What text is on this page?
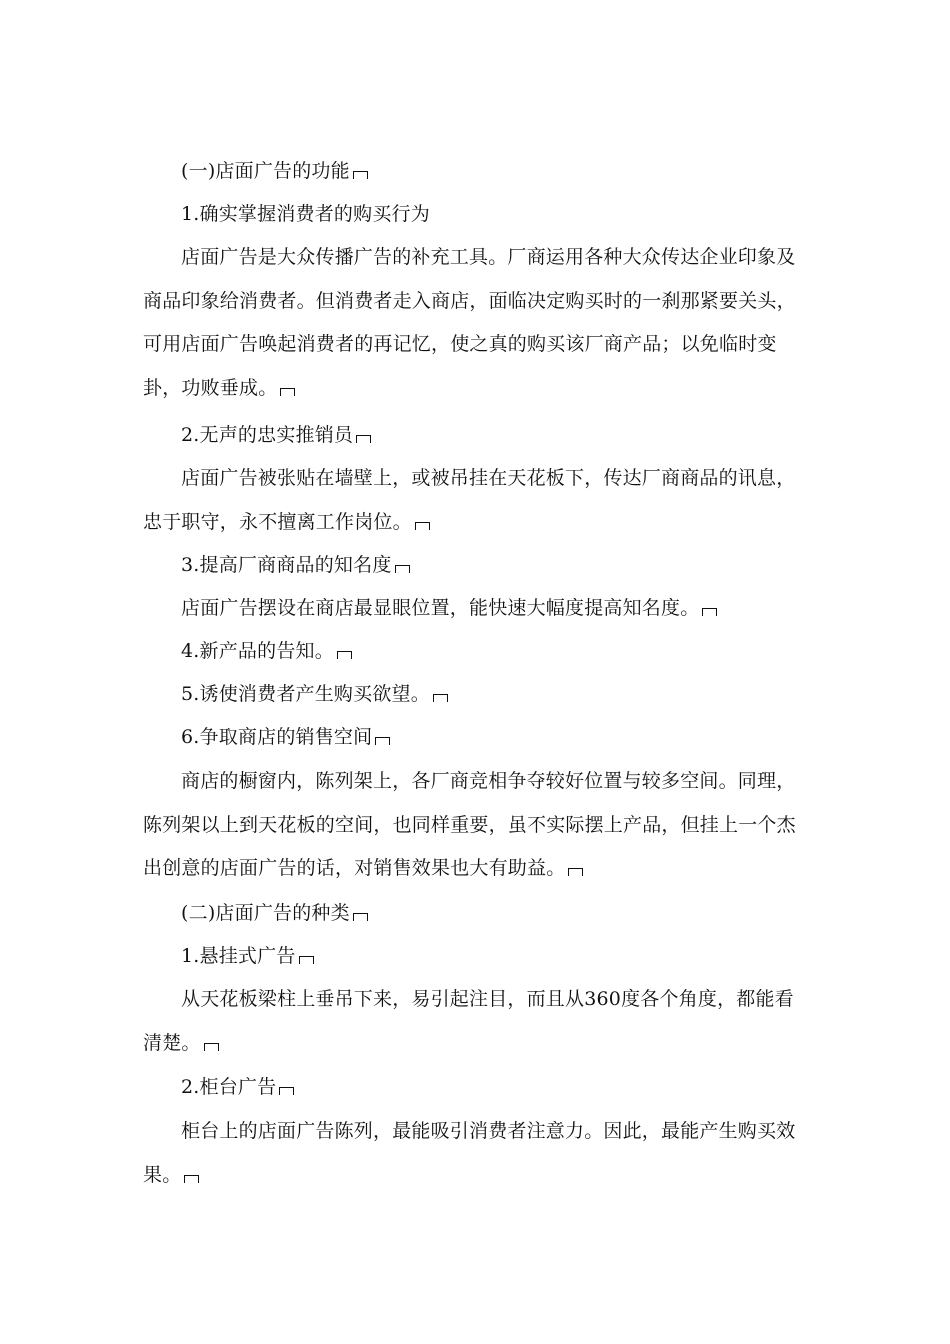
(一)店面广告的功能

1.确实掌握消费者的购买行为

店面广告是大众传播广告的补充工具。厂商运用各种大众传达企业印象及商品印象给消费者。但消费者走入商店，面临决定购买时的一刹那紧要关头，可用店面广告唤起消费者的再记忆，使之真的购买该厂商产品；以免临时变卦，功败垂成。

2.无声的忠实推销员

店面广告被张贴在墙壁上，或被吊挂在天花板下，传达厂商商品的讯息，忠于职守，永不擅离工作岗位。

3.提高厂商商品的知名度

店面广告摆设在商店最显眼位置，能快速大幅度提高知名度。

4.新产品的告知。

5.诱使消费者产生购买欲望。

6.争取商店的销售空间

商店的橱窗内，陈列架上，各厂商竞相争夺较好位置与较多空间。同理，陈列架以上到天花板的空间，也同样重要，虽不实际摆上产品，但挂上一个杰出创意的店面广告的话，对销售效果也大有助益。

(二)店面广告的种类

1.悬挂式广告

从天花板梁柱上垂吊下来，易引起注目，而且从360度各个角度，都能看清楚。

2.柜台广告

柜台上的店面广告陈列，最能吸引消费者注意力。因此，最能产生购买效果。
